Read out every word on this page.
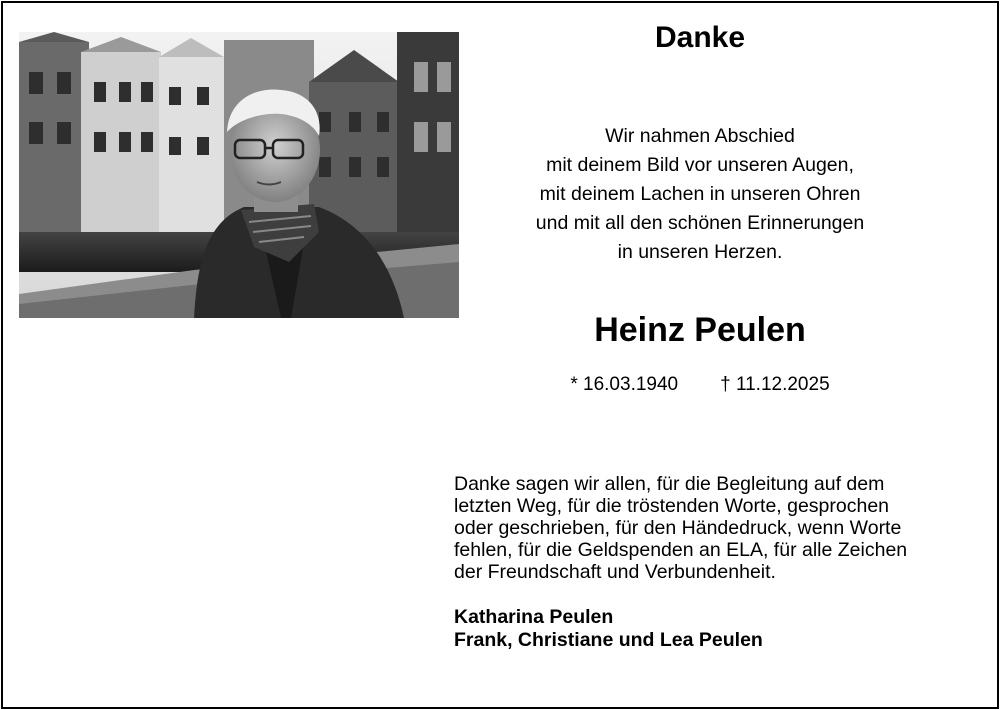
Danke

Wir nahmen Abschied
mit deinem Bild vor unseren Augen,
mit deinem Lachen in unseren Ohren
und mit all den schönen Erinnerungen
in unseren Herzen.

Heinz Peulen

* 16.03.1940 † 11.12.2025

Danke sagen wir allen, für die Begleitung auf dem
letzten Weg, für die tröstenden Worte, gesprochen
oder geschrieben, für den Händedruck, wenn Worte
fehlen, für die Geldspenden an ELA, für alle Zeichen
der Freundschaft und Verbundenheit.

Katharina Peulen
Frank, Christiane und Lea Peulen
